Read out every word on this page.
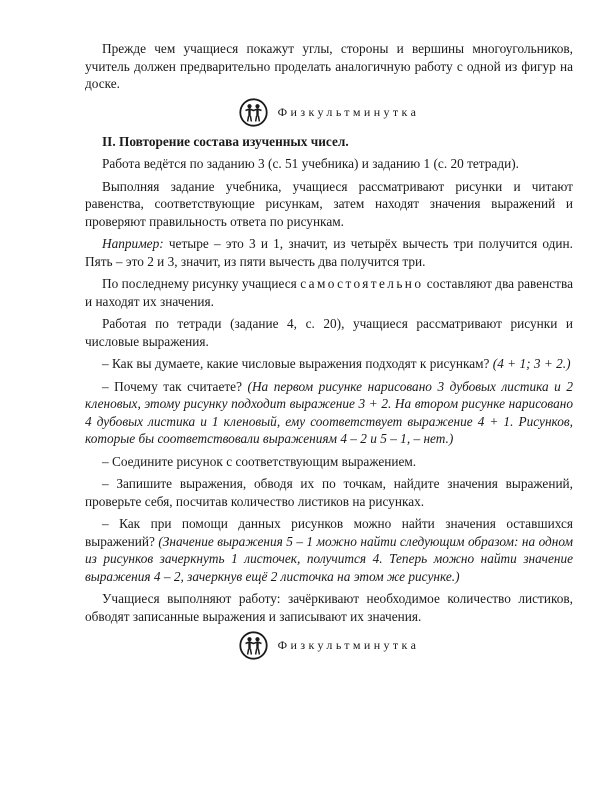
Прежде чем учащиеся покажут углы, стороны и вершины многоугольников, учитель должен предварительно проделать аналогичную работу с одной из фигур на доске.

Физкультминутка

II. Повторение состава изученных чисел.

Работа ведётся по заданию 3 (с. 51 учебника) и заданию 1 (с. 20 тетради).

Выполняя задание учебника, учащиеся рассматривают рисунки и читают равенства, соответствующие рисункам, затем находят значения выражений и проверяют правильность ответа по рисункам.

Например: четыре – это 3 и 1, значит, из четырёх вычесть три получится один. Пять – это 2 и 3, значит, из пяти вычесть два получится три.

По последнему рисунку учащиеся самостоятельно составляют два равенства и находят их значения.

Работая по тетради (задание 4, с. 20), учащиеся рассматривают рисунки и числовые выражения.

– Как вы думаете, какие числовые выражения подходят к рисункам? (4 + 1; 3 + 2.)

– Почему так считаете? (На первом рисунке нарисовано 3 дубовых листика и 2 кленовых, этому рисунку подходит выражение 3 + 2. На втором рисунке нарисовано 4 дубовых листика и 1 кленовый, ему соответствует выражение 4 + 1. Рисунков, которые бы соответствовали выражениям 4 – 2 и 5 – 1, – нет.)

– Соедините рисунок с соответствующим выражением.

– Запишите выражения, обводя их по точкам, найдите значения выражений, проверьте себя, посчитав количество листиков на рисунках.

– Как при помощи данных рисунков можно найти значения оставшихся выражений? (Значение выражения 5 – 1 можно найти следующим образом: на одном из рисунков зачеркнуть 1 листочек, получится 4. Теперь можно найти значение выражения 4 – 2, зачеркнув ещё 2 листочка на этом же рисунке.)

Учащиеся выполняют работу: зачёркивают необходимое количество листиков, обводят записанные выражения и записывают их значения.

Физкультминутка
